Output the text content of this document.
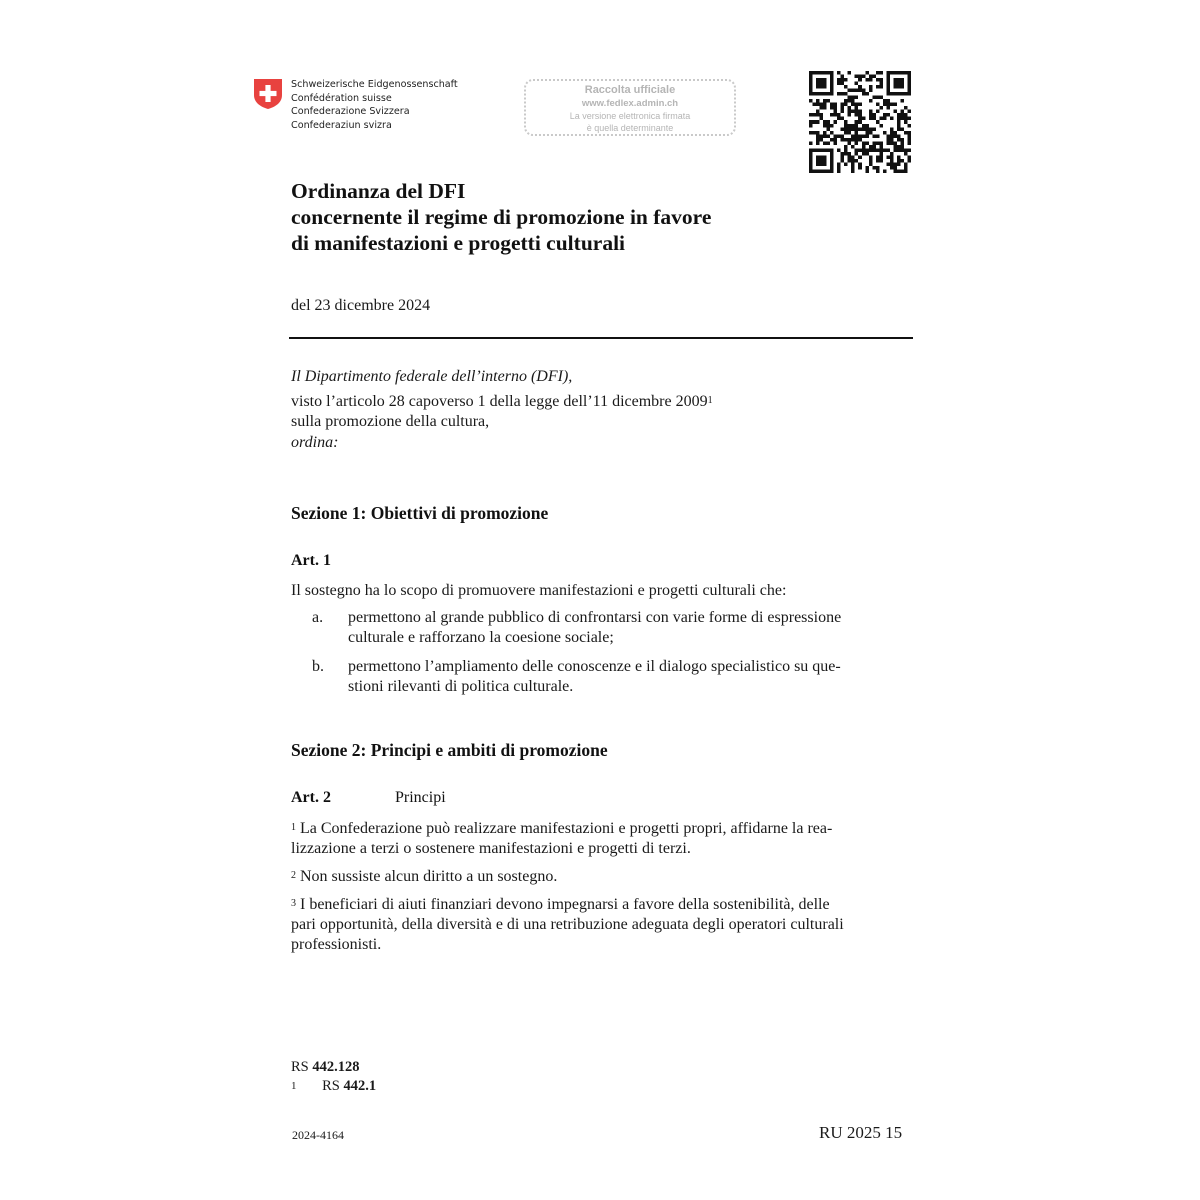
Schweizerische Eidgenossenschaft
Confédération suisse
Confederazione Svizzera
Confederaziun svizra
Raccolta ufficiale
www.fedlex.admin.ch
La versione elettronica firmata
è quella determinante
Ordinanza del DFI
concernente il regime di promozione in favore
di manifestazioni e progetti culturali
del 23 dicembre 2024
Il Dipartimento federale dell’interno (DFI),
visto l’articolo 28 capoverso 1 della legge dell’11 dicembre 2009$^1$
sulla promozione della cultura,
ordina:
Sezione 1: Obiettivi di promozione
Art. 1
Il sostegno ha lo scopo di promuovere manifestazioni e progetti culturali che:
a. permettono al grande pubblico di confrontarsi con varie forme di espressione
culturale e rafforzano la coesione sociale;
b. permettono l’ampliamento delle conoscenze e il dialogo specialistico su que-
stioni rilevanti di politica culturale.
Sezione 2: Principi e ambiti di promozione
Art. 2	Principi
$^1$ La Confederazione può realizzare manifestazioni e progetti propri, affidarne la rea-
lizzazione a terzi o sostenere manifestazioni e progetti di terzi.
$^2$ Non sussiste alcun diritto a un sostegno.
$^3$ I beneficiari di aiuti finanziari devono impegnarsi a favore della sostenibilità, delle
pari opportunità, della diversità e di una retribuzione adeguata degli operatori culturali
professionisti.
RS 442.128
$^1$ RS 442.1
2024-4164	RU 2025 15
